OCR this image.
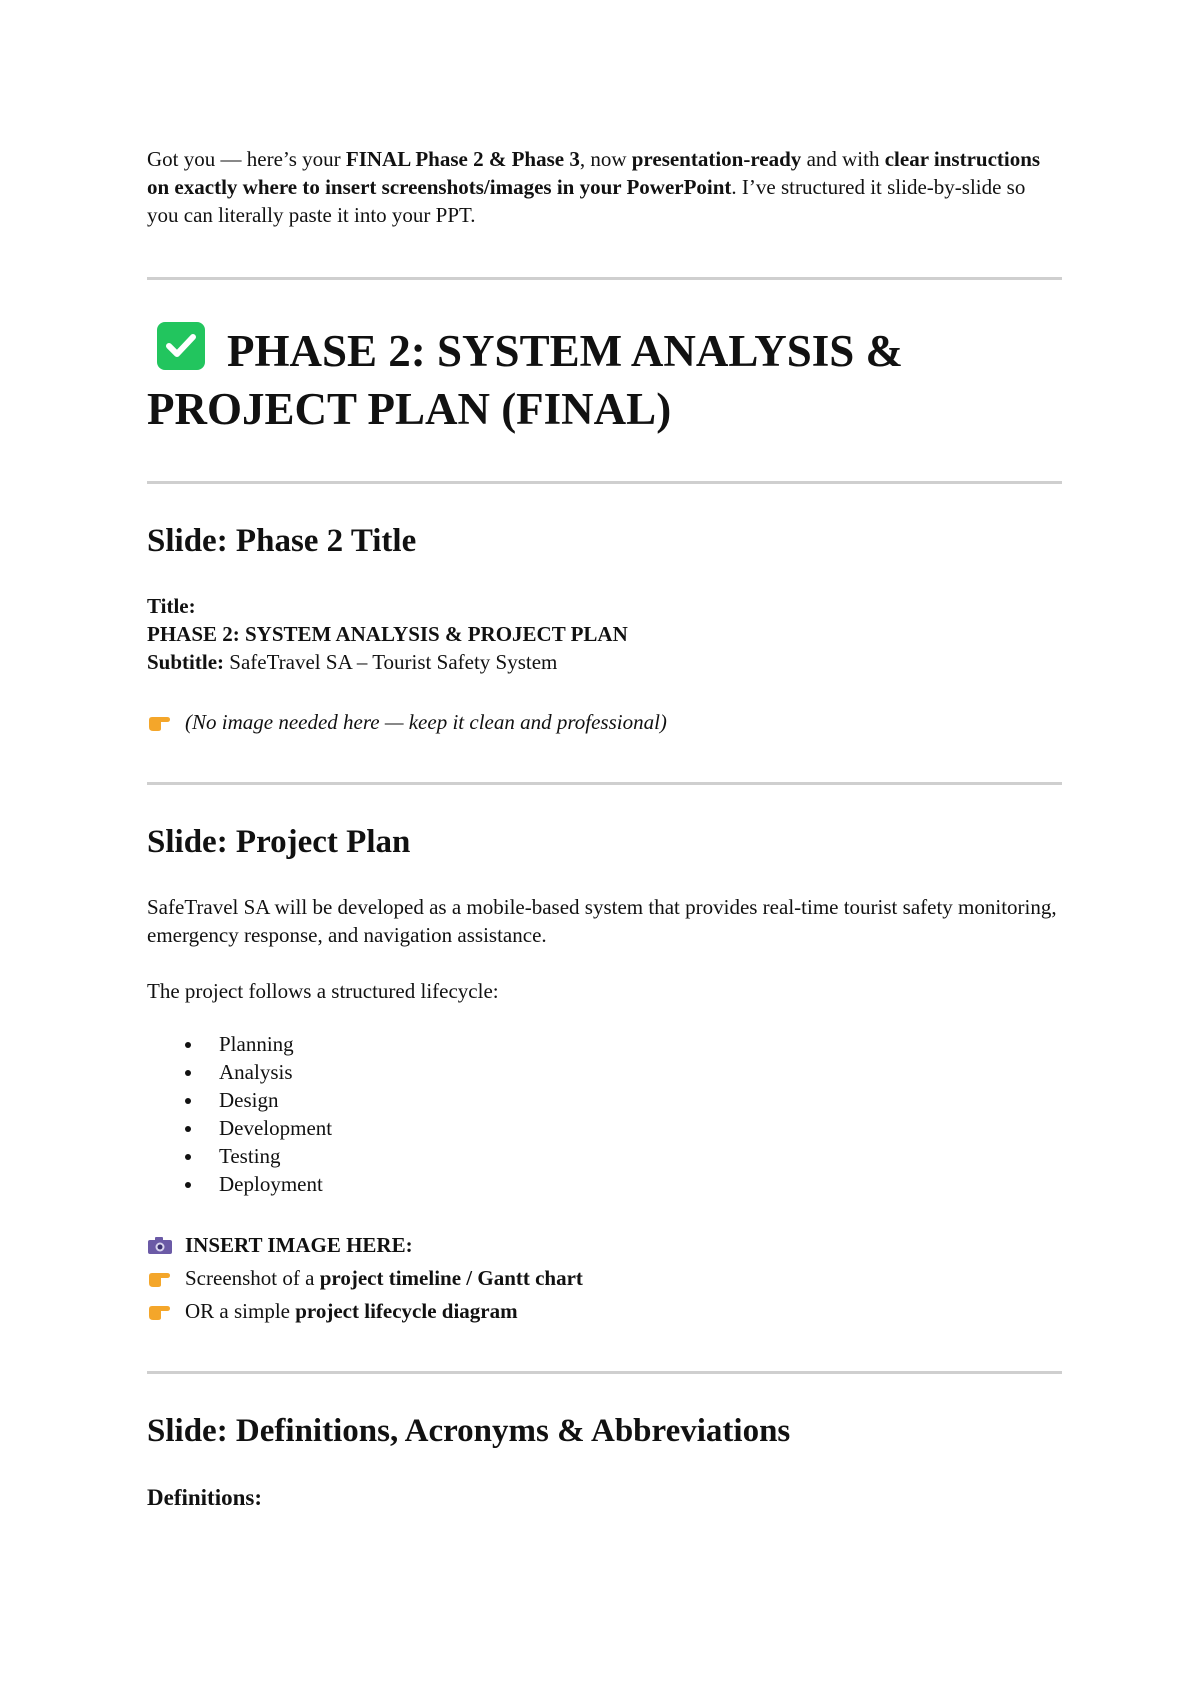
Got you — here’s your FINAL Phase 2 & Phase 3, now presentation-ready and with clear instructions on exactly where to insert screenshots/images in your PowerPoint. I’ve structured it slide-by-slide so you can literally paste it into your PPT.

PHASE 2: SYSTEM ANALYSIS & PROJECT PLAN (FINAL)
Slide: Phase 2 Title
Title:
PHASE 2: SYSTEM ANALYSIS & PROJECT PLAN
Subtitle: SafeTravel SA – Tourist Safety System
(No image needed here — keep it clean and professional)
Slide: Project Plan
SafeTravel SA will be developed as a mobile-based system that provides real-time tourist safety monitoring, emergency response, and navigation assistance.
The project follows a structured lifecycle:
Planning
Analysis
Design
Development
Testing
Deployment
INSERT IMAGE HERE:
Screenshot of a project timeline / Gantt chart
OR a simple project lifecycle diagram
Slide: Definitions, Acronyms & Abbreviations
Definitions:
